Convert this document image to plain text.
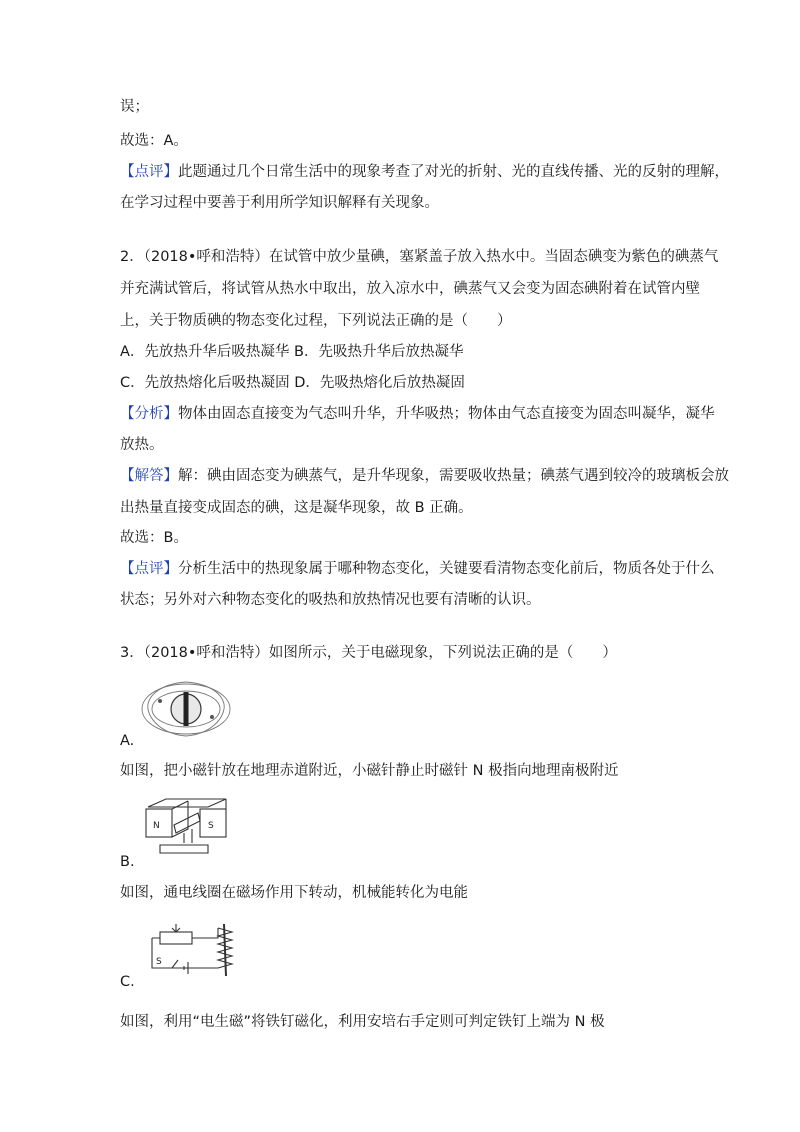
误；
故选：A。
【点评】此题通过几个日常生活中的现象考查了对光的折射、光的直线传播、光的反射的理解，
在学习过程中要善于利用所学知识解释有关现象。
2．（2018•呼和浩特）在试管中放少量碘，塞紧盖子放入热水中。当固态碘变为紫色的碘蒸气
并充满试管后，将试管从热水中取出，放入凉水中，碘蒸气又会变为固态碘附着在试管内壁
上，关于物质碘的物态变化过程，下列说法正确的是（　　）
A．先放热升华后吸热凝华 B．先吸热升华后放热凝华
C．先放热熔化后吸热凝固 D．先吸热熔化后放热凝固
【分析】物体由固态直接变为气态叫升华，升华吸热；物体由气态直接变为固态叫凝华，凝华
放热。
【解答】解：碘由固态变为碘蒸气，是升华现象，需要吸收热量；碘蒸气遇到较冷的玻璃板会放
出热量直接变成固态的碘，这是凝华现象，故 B 正确。
故选：B。
【点评】分析生活中的热现象属于哪种物态变化，关键要看清物态变化前后，物质各处于什么
状态；另外对六种物态变化的吸热和放热情况也要有清晰的认识。
3．（2018•呼和浩特）如图所示，关于电磁现象，下列说法正确的是（　　）
A.
如图，把小磁针放在地理赤道附近，小磁针静止时磁针 N 极指向地理南极附近
N	S
B.
如图，通电线圈在磁场作用下转动，机械能转化为电能
S
C.
如图，利用“电生磁”将铁钉磁化，利用安培右手定则可判定铁钉上端为 N 极
